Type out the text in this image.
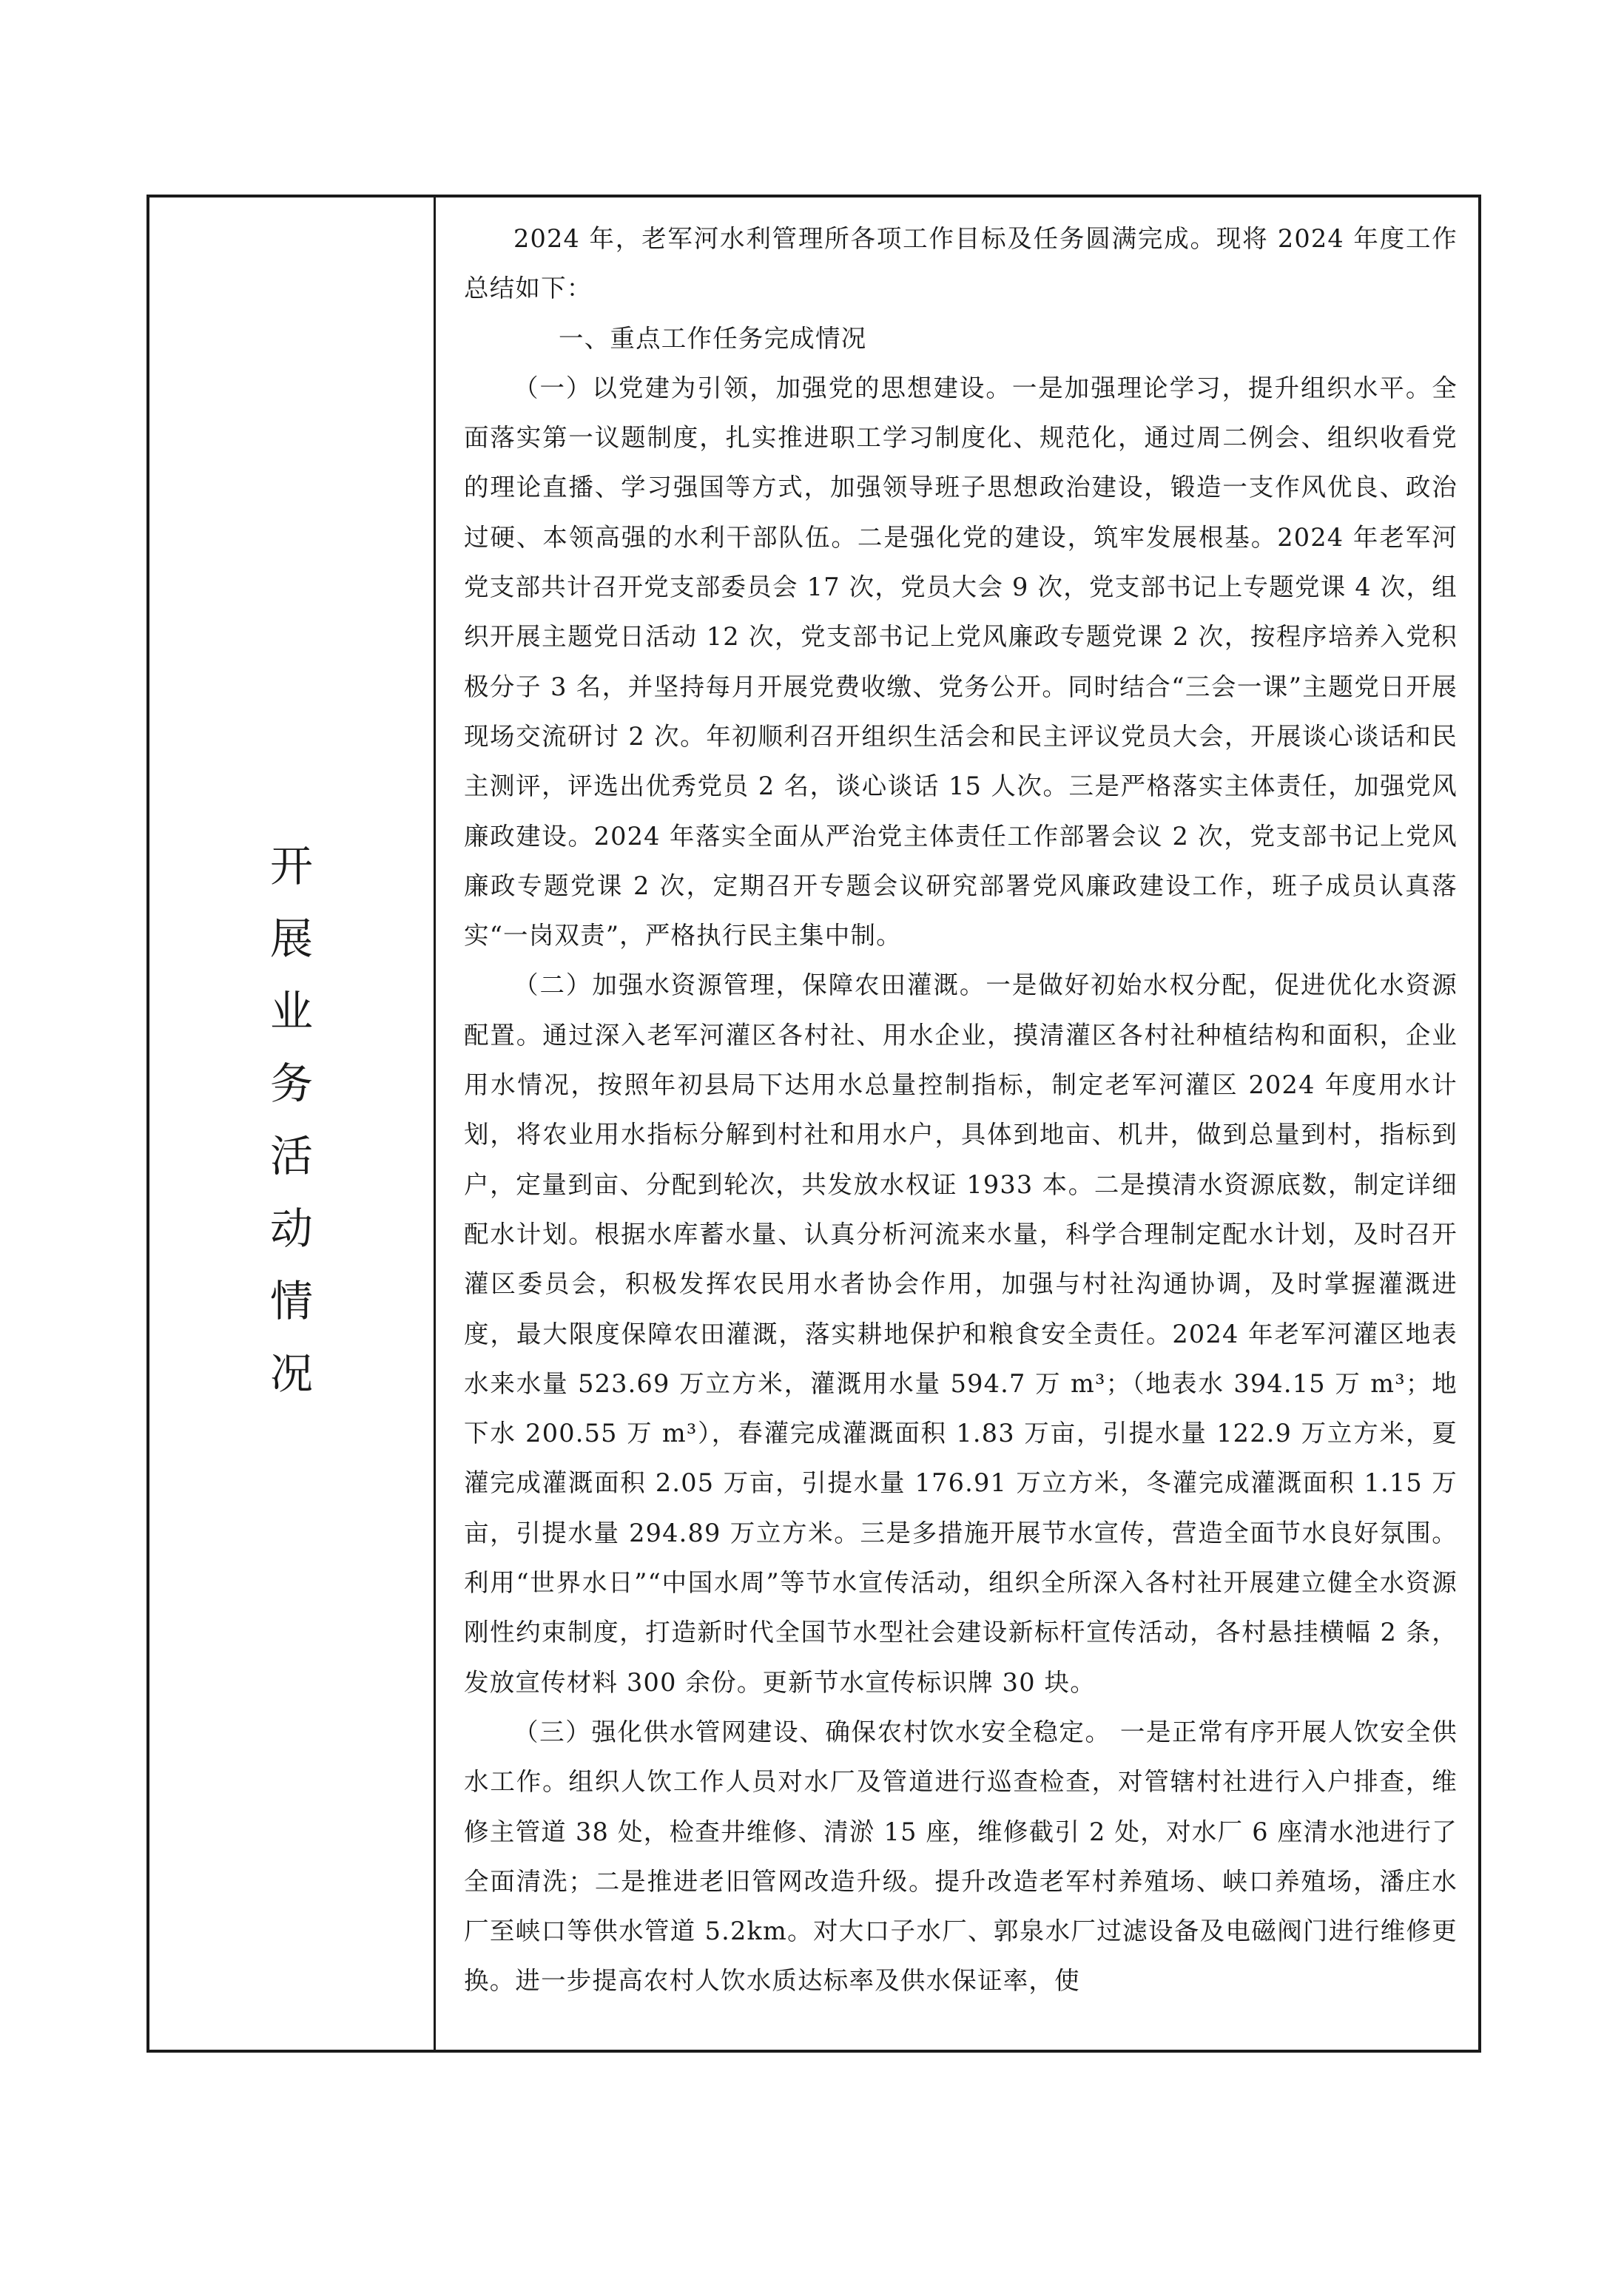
开展业务活动情况

2024 年，老军河水利管理所各项工作目标及任务圆满完成。现将 2024 年度工作总结如下：

一、重点工作任务完成情况

（一）以党建为引领，加强党的思想建设。一是加强理论学习，提升组织水平。全面落实第一议题制度，扎实推进职工学习制度化、规范化，通过周二例会、组织收看党的理论直播、学习强国等方式，加强领导班子思想政治建设，锻造一支作风优良、政治过硬、本领高强的水利干部队伍。二是强化党的建设，筑牢发展根基。2024 年老军河党支部共计召开党支部委员会 17 次，党员大会 9 次，党支部书记上专题党课 4 次，组织开展主题党日活动 12 次，党支部书记上党风廉政专题党课 2 次，按程序培养入党积极分子 3 名，并坚持每月开展党费收缴、党务公开。同时结合“三会一课”主题党日开展现场交流研讨 2 次。年初顺利召开组织生活会和民主评议党员大会，开展谈心谈话和民主测评，评选出优秀党员 2 名，谈心谈话 15 人次。三是严格落实主体责任，加强党风廉政建设。2024 年落实全面从严治党主体责任工作部署会议 2 次，党支部书记上党风廉政专题党课 2 次，定期召开专题会议研究部署党风廉政建设工作，班子成员认真落实“一岗双责”，严格执行民主集中制。

（二）加强水资源管理，保障农田灌溉。一是做好初始水权分配，促进优化水资源配置。通过深入老军河灌区各村社、用水企业，摸清灌区各村社种植结构和面积，企业用水情况，按照年初县局下达用水总量控制指标，制定老军河灌区 2024 年度用水计划，将农业用水指标分解到村社和用水户，具体到地亩、机井，做到总量到村，指标到户，定量到亩、分配到轮次，共发放水权证 1933 本。二是摸清水资源底数，制定详细配水计划。根据水库蓄水量、认真分析河流来水量，科学合理制定配水计划，及时召开灌区委员会，积极发挥农民用水者协会作用，加强与村社沟通协调，及时掌握灌溉进度，最大限度保障农田灌溉，落实耕地保护和粮食安全责任。2024 年老军河灌区地表水来水量 523.69 万立方米，灌溉用水量 594.7 万 m³；（地表水 394.15 万 m³；地下水 200.55 万 m³），春灌完成灌溉面积 1.83 万亩，引提水量 122.9 万立方米，夏灌完成灌溉面积 2.05 万亩，引提水量 176.91 万立方米，冬灌完成灌溉面积 1.15 万亩，引提水量 294.89 万立方米。三是多措施开展节水宣传，营造全面节水良好氛围。利用“世界水日”“中国水周”等节水宣传活动，组织全所深入各村社开展建立健全水资源刚性约束制度，打造新时代全国节水型社会建设新标杆宣传活动，各村悬挂横幅 2 条，发放宣传材料 300 余份。更新节水宣传标识牌 30 块。

（三）强化供水管网建设、确保农村饮水安全稳定。 一是正常有序开展人饮安全供水工作。组织人饮工作人员对水厂及管道进行巡查检查，对管辖村社进行入户排查，维修主管道 38 处，检查井维修、清淤 15 座，维修截引 2 处，对水厂 6 座清水池进行了全面清洗；二是推进老旧管网改造升级。提升改造老军村养殖场、峡口养殖场，潘庄水厂至峡口等供水管道 5.2km。对大口子水厂、郭泉水厂过滤设备及电磁阀门进行维修更换。进一步提高农村人饮水质达标率及供水保证率，使
